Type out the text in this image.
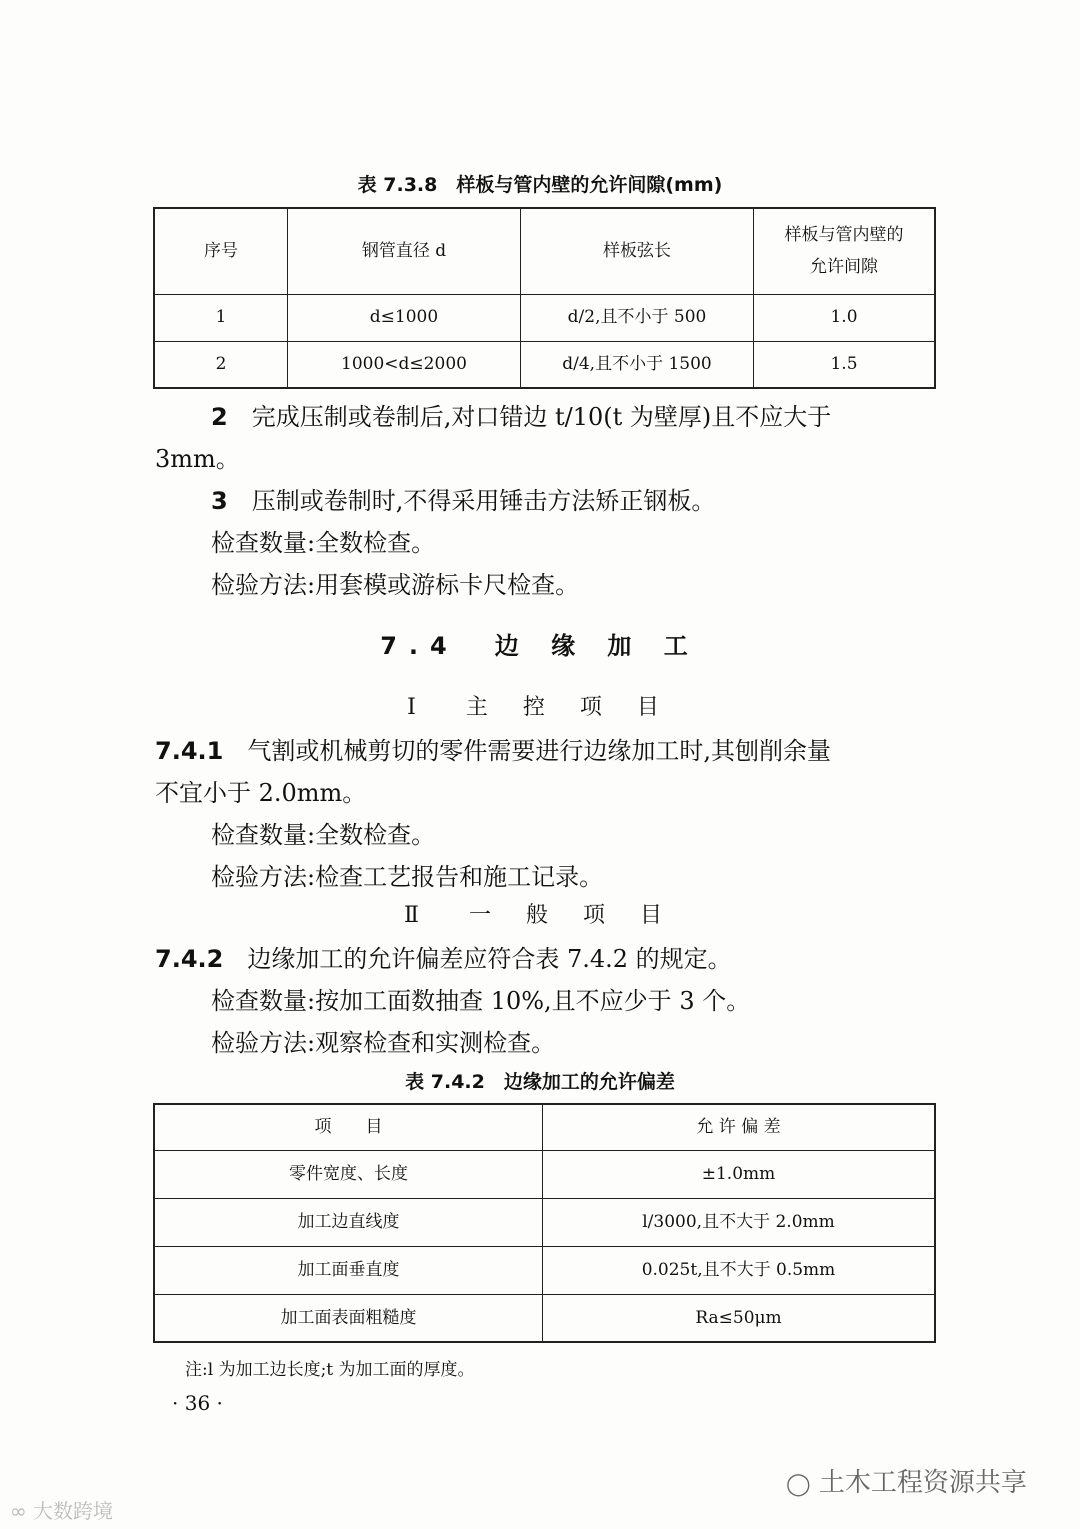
表 7.3.8　样板与管内壁的允许间隙(mm)
序号	钢管直径 d	样板弦长	样板与管内壁的
允许间隙

1	d≤1000	d/2,且不小于 500	1.0
2	1000<d≤2000	d/4,且不小于 1500	1.5
2　 完成压制或卷制后,对口错边 t/10(t 为壁厚)且不应大于
3mm。
3　 压制或卷制时,不得采用锤击方法矫正钢板。
检查数量:全数检查。
检验方法:用套模或游标卡尺检查。
7.4　边 缘 加 工
Ⅰ　主 控 项 目
7.4.1　 气割或机械剪切的零件需要进行边缘加工时,其刨削余量
不宜小于 2.0mm。
检查数量:全数检查。
检验方法:检查工艺报告和施工记录。
Ⅱ　一 般 项 目
7.4.2　 边缘加工的允许偏差应符合表 7.4.2 的规定。
检查数量:按加工面数抽查 10%,且不应少于 3 个。
检验方法:观察检查和实测检查。
表 7.4.2　边缘加工的允许偏差
项　　目	允 许 偏 差
零件宽度、长度	±1.0mm
加工边直线度	l/3000,且不大于 2.0mm
加工面垂直度	0.025t,且不大于 0.5mm
加工面表面粗糙度	Ra≤50μm
注:l 为加工边长度;t 为加工面的厚度。
· 36 ·
◯ 土木工程资源共享
∞ 大数跨境
